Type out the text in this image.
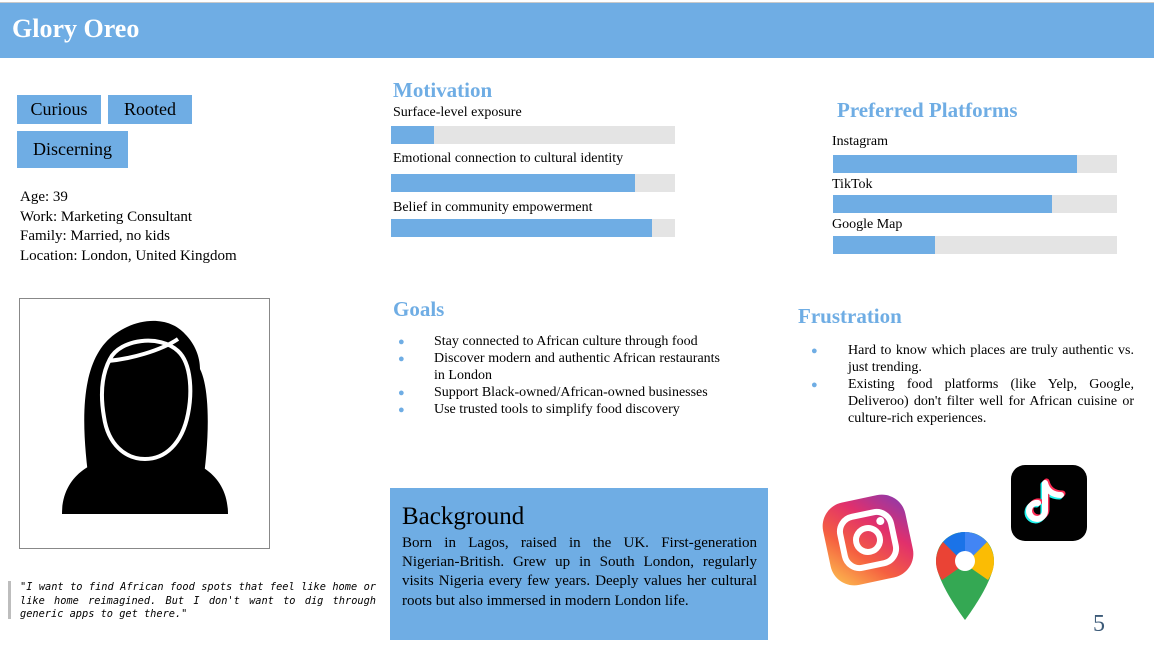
Glory Oreo
Curious	Rooted
Discerning
Age: 39
Work: Marketing Consultant
Family: Married, no kids
Location: London, United Kingdom
"I want to find African food spots that feel like home or like home reimagined. But I don't want to dig through generic apps to get there."
Motivation
Surface-level exposure
Emotional connection to cultural identity
Belief in community empowerment
Preferred Platforms
Instagram
TikTok
Google Map
Goals
● Stay connected to African culture through food
● Discover modern and authentic African restaurants in London
● Support Black-owned/African-owned businesses
● Use trusted tools to simplify food discovery
Frustration
● Hard to know which places are truly authentic vs. just trending.
● Existing food platforms (like Yelp, Google, Deliveroo) don't filter well for African cuisine or culture-rich experiences.
Background
Born in Lagos, raised in the UK. First-generation Nigerian-British. Grew up in South London, regularly visits Nigeria every few years. Deeply values her cultural roots but also immersed in modern London life.
5
